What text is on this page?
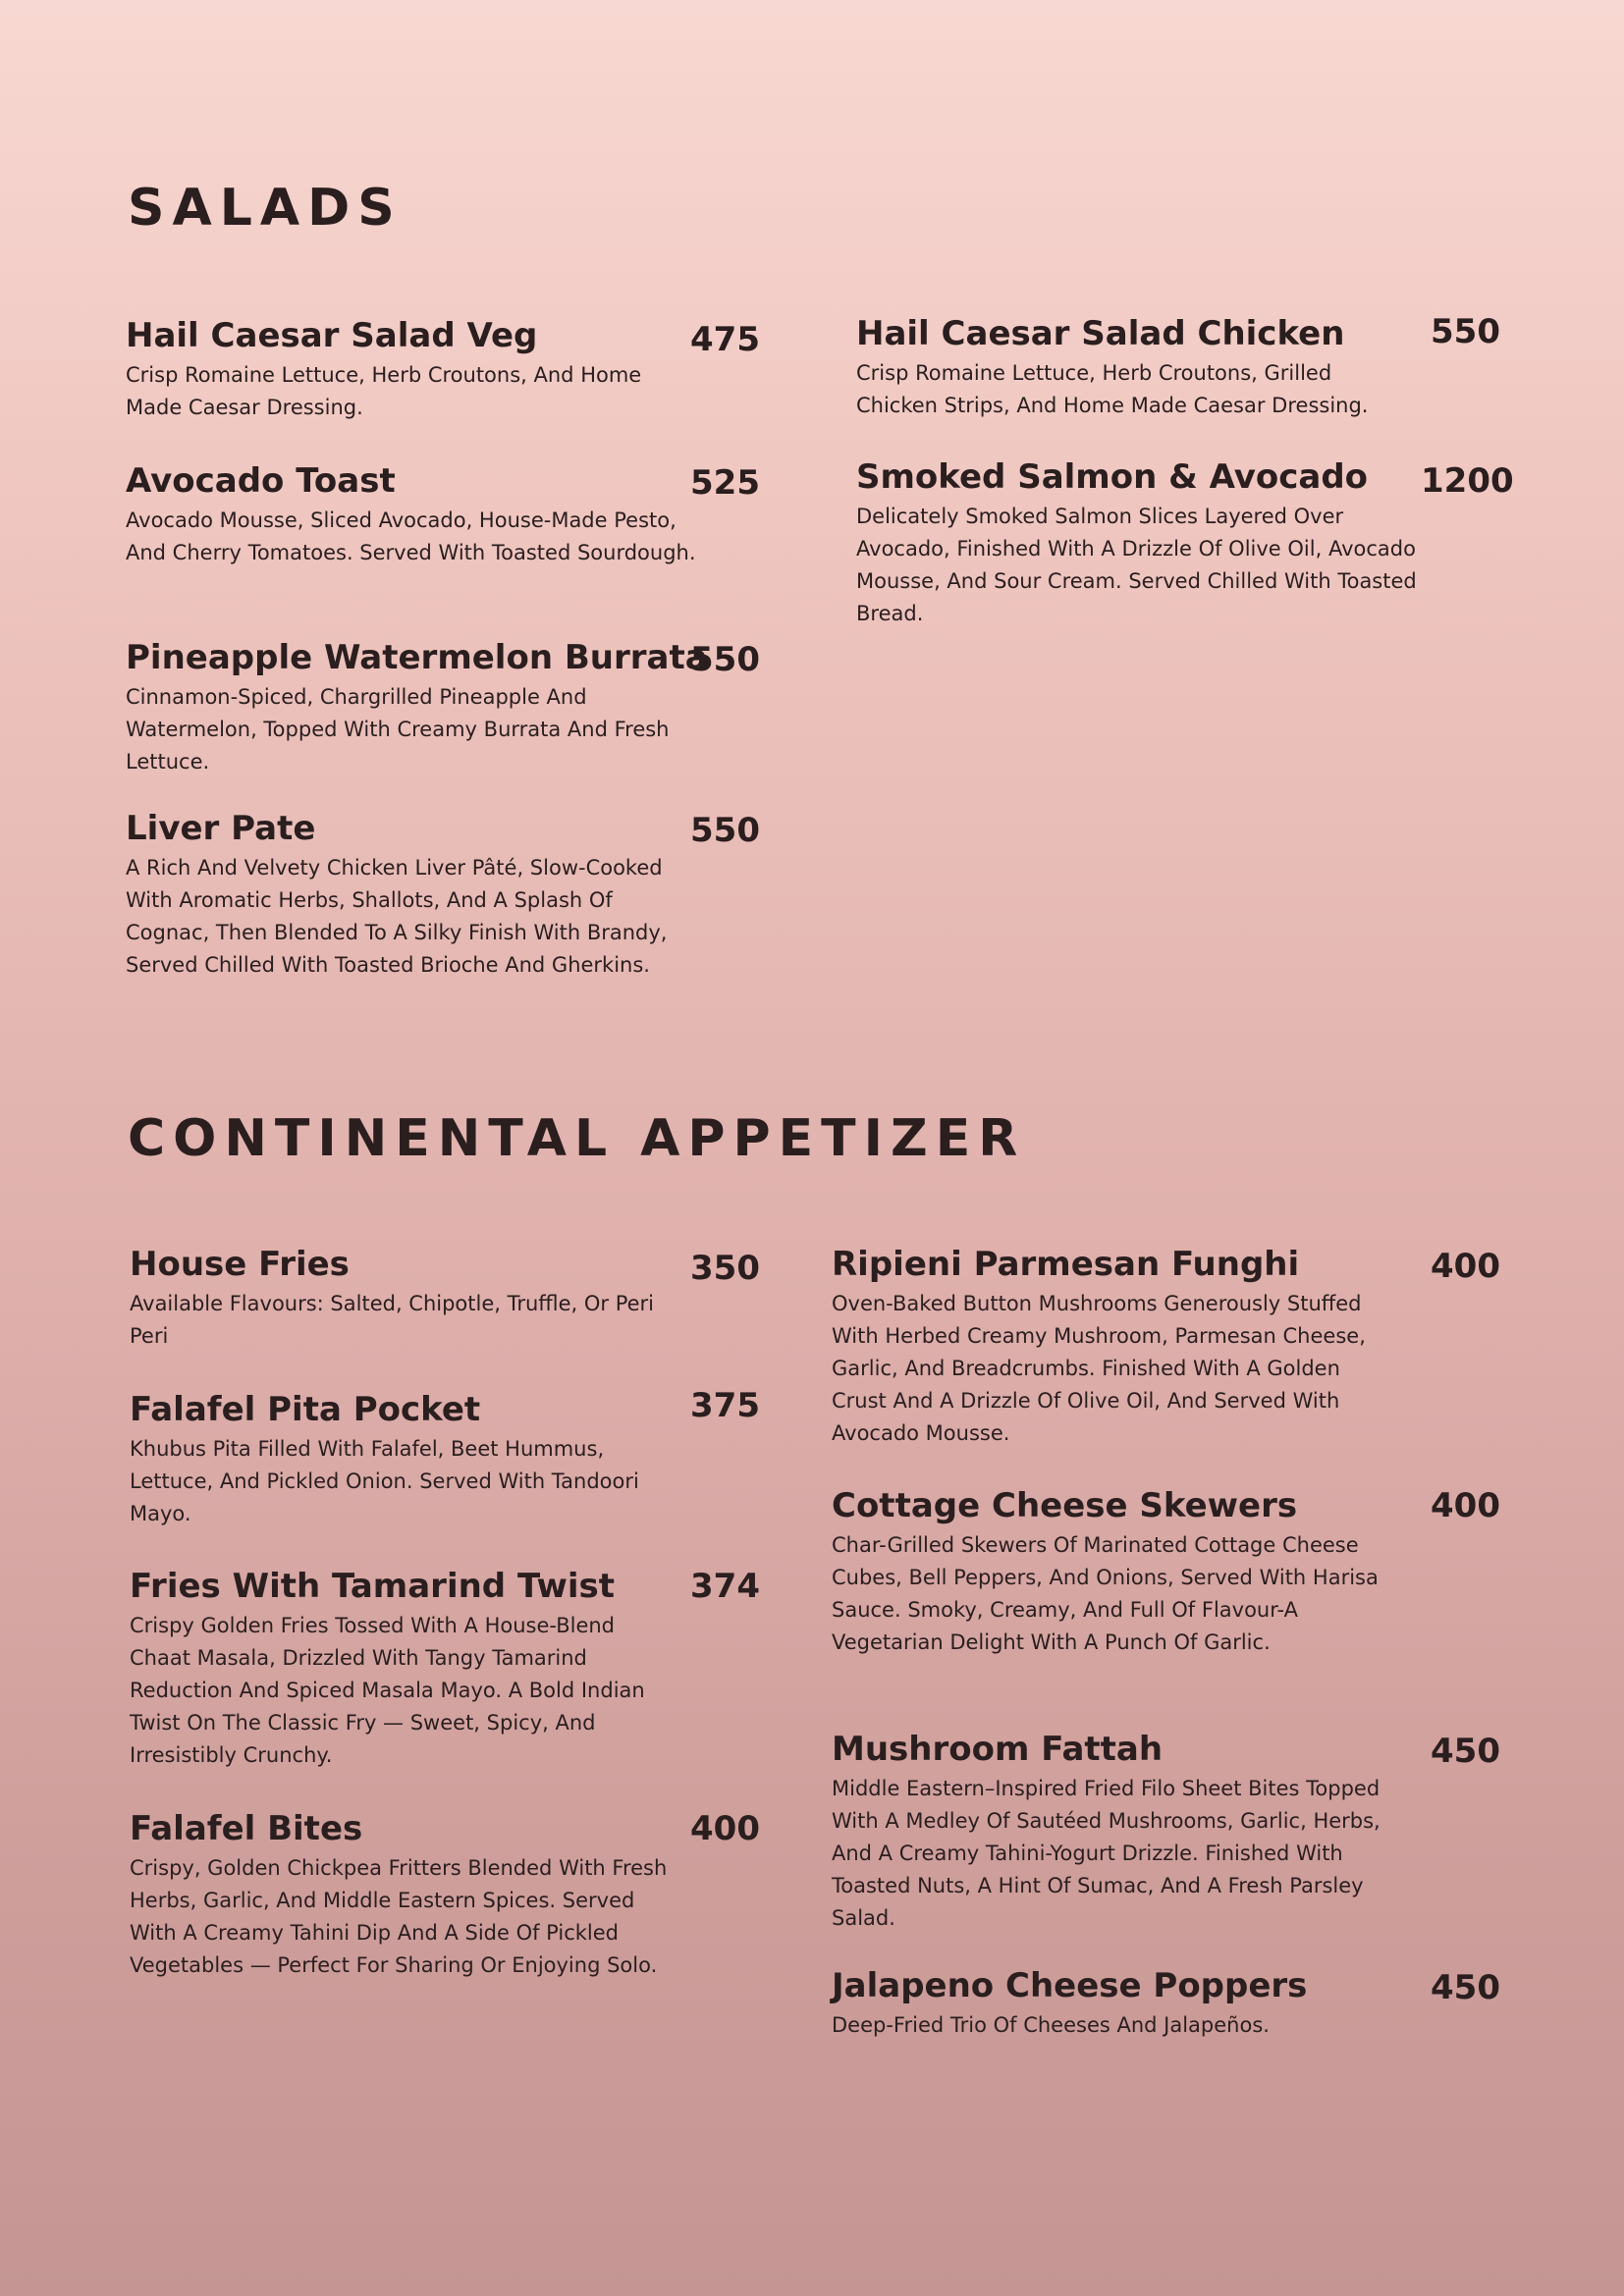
SALADS
Hail Caesar Salad Veg	475

Crisp Romaine Lettuce, Herb Croutons, And Home Made Caesar Dressing.

Avocado Toast	525

Avocado Mousse, Sliced Avocado, House-Made Pesto, And Cherry Tomatoes. Served With Toasted Sourdough.

Pineapple Watermelon Burrata
550

Cinnamon-Spiced, Chargrilled Pineapple And Watermelon, Topped With Creamy Burrata And Fresh Lettuce.

Liver Pate	550

A Rich And Velvety Chicken Liver Pâté, Slow-Cooked With Aromatic Herbs, Shallots, And A Splash Of Cognac, Then Blended To A Silky Finish With Brandy, Served Chilled With Toasted Brioche And Gherkins.

Hail Caesar Salad Chicken	550

Crisp Romaine Lettuce, Herb Croutons, Grilled Chicken Strips, And Home Made Caesar Dressing.

Smoked Salmon & Avocado 1200

Delicately Smoked Salmon Slices Layered Over Avocado, Finished With A Drizzle Of Olive Oil, Avocado Mousse, And Sour Cream. Served Chilled With Toasted Bread.

CONTINENTAL APPETIZER
House Fries	350

Available Flavours: Salted, Chipotle, Truffle, Or Peri Peri

Falafel Pita Pocket	375

Khubus Pita Filled With Falafel, Beet Hummus, Lettuce, And Pickled Onion. Served With Tandoori Mayo.

Fries With Tamarind Twist 374

Crispy Golden Fries Tossed With A House-Blend Chaat Masala, Drizzled With Tangy Tamarind Reduction And Spiced Masala Mayo. A Bold Indian Twist On The Classic Fry — Sweet, Spicy, And Irresistibly Crunchy.

Falafel Bites	400

Crispy, Golden Chickpea Fritters Blended With Fresh Herbs, Garlic, And Middle Eastern Spices. Served With A Creamy Tahini Dip And A Side Of Pickled Vegetables — Perfect For Sharing Or Enjoying Solo.

Ripieni Parmesan Funghi	400

Oven-Baked Button Mushrooms Generously Stuffed With Herbed Creamy Mushroom, Parmesan Cheese, Garlic, And Breadcrumbs. Finished With A Golden Crust And A Drizzle Of Olive Oil, And Served With Avocado Mousse.

Cottage Cheese Skewers	400

Char-Grilled Skewers Of Marinated Cottage Cheese Cubes, Bell Peppers, And Onions, Served With Harisa Sauce. Smoky, Creamy, And Full Of Flavour-A Vegetarian Delight With A Punch Of Garlic.

Mushroom Fattah	450

Middle Eastern–Inspired Fried Filo Sheet Bites Topped With A Medley Of Sautéed Mushrooms, Garlic, Herbs, And A Creamy Tahini-Yogurt Drizzle. Finished With Toasted Nuts, A Hint Of Sumac, And A Fresh Parsley Salad.

Jalapeno Cheese Poppers	450

Deep-Fried Trio Of Cheeses And Jalapeños.
